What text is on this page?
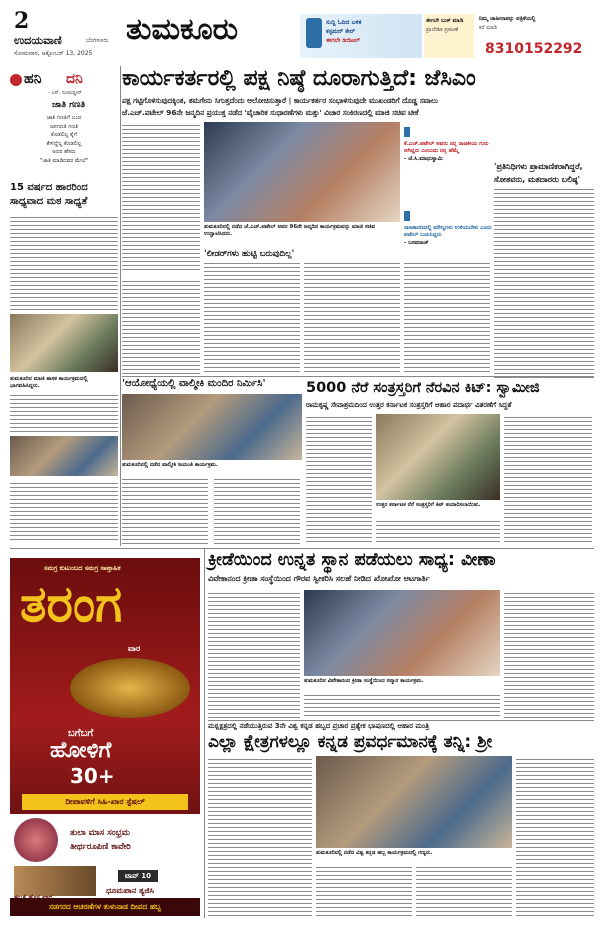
2
ಉದಯವಾಣಿ	ಬೆಂಗಳೂರು
ಸೋಮವಾರ, ಅಕ್ಟೋಬರ್ 13, 2025
ತುಮಕೂರು	ಸುದ್ದಿ ಓದಿದ ಬಳಿಕ
ಕಸ್ಟಮರ್ ಕೇರ್
ಈಗಲೇ ಡಿಜಿಟಲ್
ಈಗಲೇ ಬುಕ್ ಮಾಡಿ
ಪ್ರಾದೇಶಿಕ ಪ್ರಕಟಣೆ
ನಿಮ್ಮ ಜಾಹೀರಾತನ್ನು ಪತ್ರಿಕೆಯಲ್ಲಿ
ಕರೆ ಮಾಡಿ
8310152292
ಹನಿ ದನಿ
- ಎಸ್. ನೂರುದ್ದೀನ್
ಜಾತಿ ಗಣತಿ
ಜಾತಿ ಗಣತಿಗೆ ಬಂದ
ಜನಗಣತಿ ಗಣತಿ
ಕೊಡಲಿಲ್ಲ ಕೈಗೆ
ಕೇಳಿದ್ದೆಲ್ಲ ಕೊಡಲಿಲ್ಲ
ಅದರ ಹೆಸರು
"ಜಾತಿ ಮಾಡಿದವರ ಮೇಲೆ"
15 ವರ್ಷದ ಹಾರರಿಂದ
ಸಾಧ್ಯವಾದ ಮಠ ಸಾಧ್ಯತೆ
ತುಮಕೂರಿನ ಮಾಜಿ ಶಾಸಕ ಕಾರ್ಯಕ್ರಮದಲ್ಲಿ ಭಾಗವಹಿಸಿದ್ದರು.
ಕಾರ್ಯಕರ್ತರಲ್ಲಿ ಪಕ್ಷ ನಿಷ್ಠೆ ದೂರಾಗುತ್ತಿದೆ: ಜೆಸಿಎಂ
ಪಕ್ಷ ಗಟ್ಟಿಗೊಳಿಸುವುದಕ್ಕಿಂತ, ತಮಗೇನು ಸಿಗುತ್ತದೆಂದು ಆಲೋಚಿಸುತ್ತಾರೆ | ಕಾರ್ಯಕರ್ತರ ಸಂಭಾಳಿಸುವುದೇ ಮುಖಂಡರಿಗೆ ದೊಡ್ಡ ಸವಾಲು
ಜೆ.ಎಚ್.ಪಟೇಲ್ 96ನೇ ಜನ್ಮದಿನ ಪ್ರಯುಕ್ತ ನಡೆದ 'ವೈಚಾರಿಕ ಸುಧಾರಣೆಗಳು ಮತ್ತು' ವಿಚಾರ ಸಂಕಿರಣದಲ್ಲಿ ಮಾಜಿ ಸಚಿವ ಟೀಕೆ
ತುಮಕೂರಿನಲ್ಲಿ ನಡೆದ ಜೆ.ಎಚ್.ಪಟೇಲ್ ಅವರ 96ನೇ ಜನ್ಮದಿನ ಕಾರ್ಯಕ್ರಮವನ್ನು ಮಾಜಿ ಸಚಿವ ಉದ್ಘಾಟಿಸಿದರು.
ಕೆ.ಎಚ್.ಪಟೇಲ್ ಅವರು ನನ್ನ ರಾಜಕೀಯ ಗುರು ಆಗಿದ್ದರು ಎಂಬುದು ನನ್ನ ಹೆಮ್ಮೆ
- ಜೆ.ಸಿ.ಮಾಧುಸ್ವಾಮಿ
ರಾಜಕಾರಣದಲ್ಲಿ ಮೌಲ್ಯಗಳು ಉಳಿಯಬೇಕು ಎಂದು ಪಟೇಲ್ ಬಯಸಿದ್ದರು
- ಬಸವರಾಜ್
'ಲೀಡರ್‌ಗಳು ಹುಟ್ಟಿ ಬರುವುದಿಲ್ಲ'
'ಪ್ರತಿನಿಧಿಗಳು ಪ್ರಾಮಾಣಿಕರಾಗಿದ್ದರೆ,
ಸೋತವರು, ಮತದಾರರು ಬಲಿಷ್ಠ'
'ಆಯೋಧ್ಯೆಯಲ್ಲಿ ವಾಲ್ಮೀಕಿ ಮಂದಿರ ನಿರ್ಮಿಸಿ'
ತುಮಕೂರಿನಲ್ಲಿ ನಡೆದ ವಾಲ್ಮೀಕಿ ಜಯಂತಿ ಕಾರ್ಯಕ್ರಮ.
5000 ನೆರೆ ಸಂತ್ರಸ್ತರಿಗೆ ನೆರವಿನ ಕಿಟ್: ಸ್ವಾಮೀಜಿ
ರಾಮಕೃಷ್ಣ ಸೇವಾಶ್ರಮದಿಂದ ಉತ್ತರ ಕರ್ನಾಟಕ ಸಂತ್ರಸ್ತರಿಗೆ ಆಹಾರ ಪದಾರ್ಥ ವಿತರಣೆಗೆ ಸಿದ್ಧತೆ
ಉತ್ತರ ಕರ್ನಾಟಕ ನೆರೆ ಸಂತ್ರಸ್ತರಿಗೆ ಕಿಟ್ ತಯಾರಿಸಲಾಯಿತು.
ಕ್ರೀಡೆಯಿಂದ ಉನ್ನತ ಸ್ಥಾನ ಪಡೆಯಲು ಸಾಧ್ಯ: ವೀಣಾ
ವಿವೇಕಾನಂದ ಕ್ರೀಡಾ ಸಂಸ್ಥೆಯಿಂದ ಗೌರವ ಸ್ವೀಕರಿಸಿ ಸಲಹೆ ನೀಡಿದ ಖೋಖೋ ಆಟಗಾರ್ತಿ
ತುಮಕೂರಿನ ವಿವೇಕಾನಂದ ಕ್ರೀಡಾ ಸಂಸ್ಥೆಯಿಂದ ಸನ್ಮಾನ ಕಾರ್ಯಕ್ರಮ.
ಮಠ್ಷಕ್ಷತ್ರದಲ್ಲಿ ನಡೆಯುತ್ತಿರುವ 3ನೇ ವಿಶ್ವ ಕನ್ನಡ ಹಬ್ಬದ ಪ್ರಚಾರ ಪ್ರತ್ಯೇಕ ಭಾಷಣದಲ್ಲಿ ಆಹಾರ ಮಂತ್ರಿ
ಎಲ್ಲಾ ಕ್ಷೇತ್ರಗಳಲ್ಲೂ ಕನ್ನಡ ಪ್ರವರ್ಧಮಾನಕ್ಕೆ ತನ್ನಿ: ಶ್ರೀ
ತುಮಕೂರಿನಲ್ಲಿ ನಡೆದ ವಿಶ್ವ ಕನ್ನಡ ಹಬ್ಬ ಕಾರ್ಯಕ್ರಮದಲ್ಲಿ ಗಣ್ಯರು.
ಸಮಗ್ರ ಕುಟುಂಬದ ಸಮಗ್ರ ಸಾಪ್ತಾಹಿಕ
ತರಂಗ
ವಾರ
ಬಗೆಬಗೆ
ಹೋಳಿಗೆ
30+
ದೀಪಾವಳಿಗೆ ಸಿಹಿ-ಖಾರ ಸ್ಪೆಷಲ್
ತುಲಾ ಮಾಸ ಸಂಭ್ರಮ
ತೀರ್ಥರೂಪಿಣಿ ಕಾವೇರಿ
ಟಾಪ್ 10
ಧೂಮಪಾನ ತ್ಯಜಿಸಿ
ಸಡಗರದ ಆಚರಣೆಗಳ ತುಳುನಾಡ ದೀಪದ ಹಬ್ಬ
